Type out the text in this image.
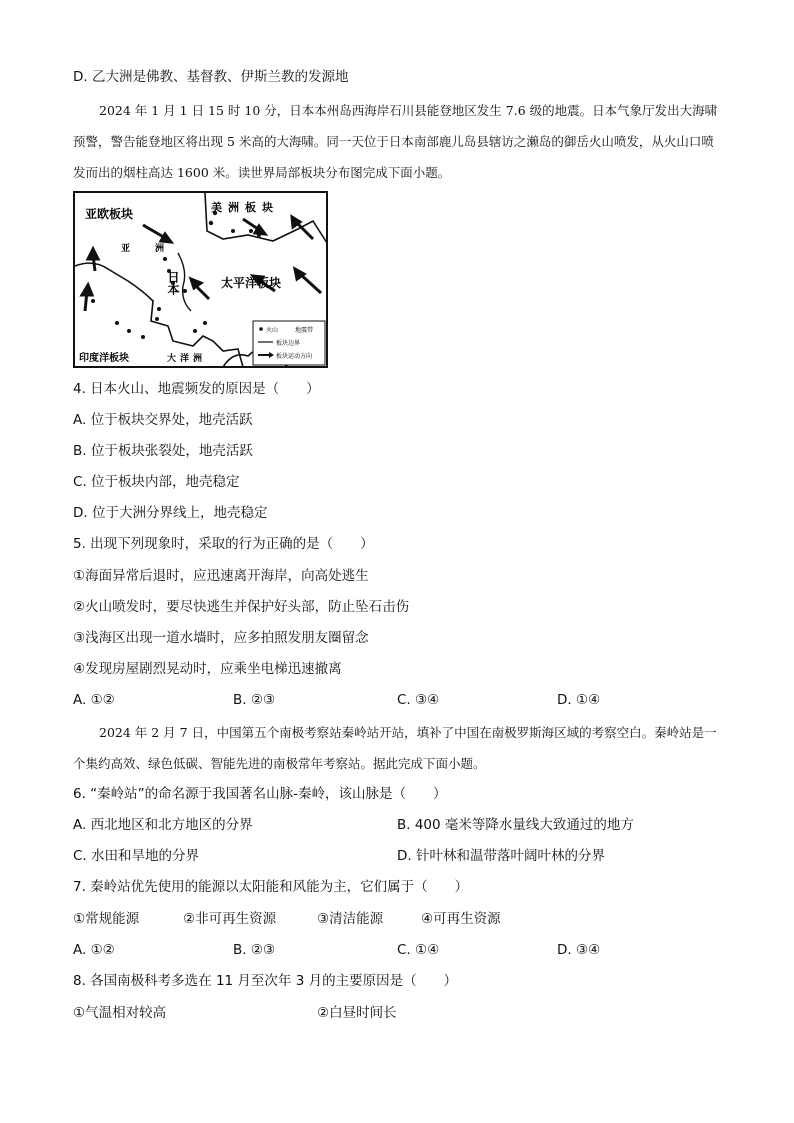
D. 乙大洲是佛教、基督教、伊斯兰教的发源地
2024 年 1 月 1 日 15 时 10 分，日本本州岛西海岸石川县能登地区发生 7.6 级的地震。日本气象厅发出大海啸预警，警告能登地区将出现 5 米高的大海啸。同一天位于日本南部鹿儿岛县辖访之濑岛的御岳火山喷发，从火山口喷发而出的烟柱高达 1600 米。读世界局部板块分布图完成下面小题。
亚欧板块	美洲板块
太平洋板块
印度洋板块
日本
亚	洲
大洋洲
火山	地震带
板块边界
板块运动方向
4. 日本火山、地震频发的原因是（　　）
A. 位于板块交界处，地壳活跃
B. 位于板块张裂处，地壳活跃
C. 位于板块内部，地壳稳定
D. 位于大洲分界线上，地壳稳定
5. 出现下列现象时，采取的行为正确的是（　　）
①海面异常后退时，应迅速离开海岸，向高处逃生
②火山喷发时，要尽快逃生并保护好头部，防止坠石击伤
③浅海区出现一道水墙时，应多拍照发朋友圈留念
④发现房屋剧烈晃动时，应乘坐电梯迅速撤离
A. ①②	B. ②③	C. ③④	D. ①④
2024 年 2 月 7 日，中国第五个南极考察站秦岭站开站，填补了中国在南极罗斯海区域的考察空白。秦岭站是一个集约高效、绿色低碳、智能先进的南极常年考察站。据此完成下面小题。
6. “秦岭站”的命名源于我国著名山脉-秦岭，该山脉是（　　）
A. 西北地区和北方地区的分界	B. 400 毫米等降水量线大致通过的地方
C. 水田和旱地的分界	D. 针叶林和温带落叶阔叶林的分界
7. 秦岭站优先使用的能源以太阳能和风能为主，它们属于（　　）
①常规能源	②非可再生资源	③清洁能源	④可再生资源
A. ①②	B. ②③	C. ①④	D. ③④
8. 各国南极科考多选在 11 月至次年 3 月的主要原因是（　　）
①气温相对较高	②白昼时间长
